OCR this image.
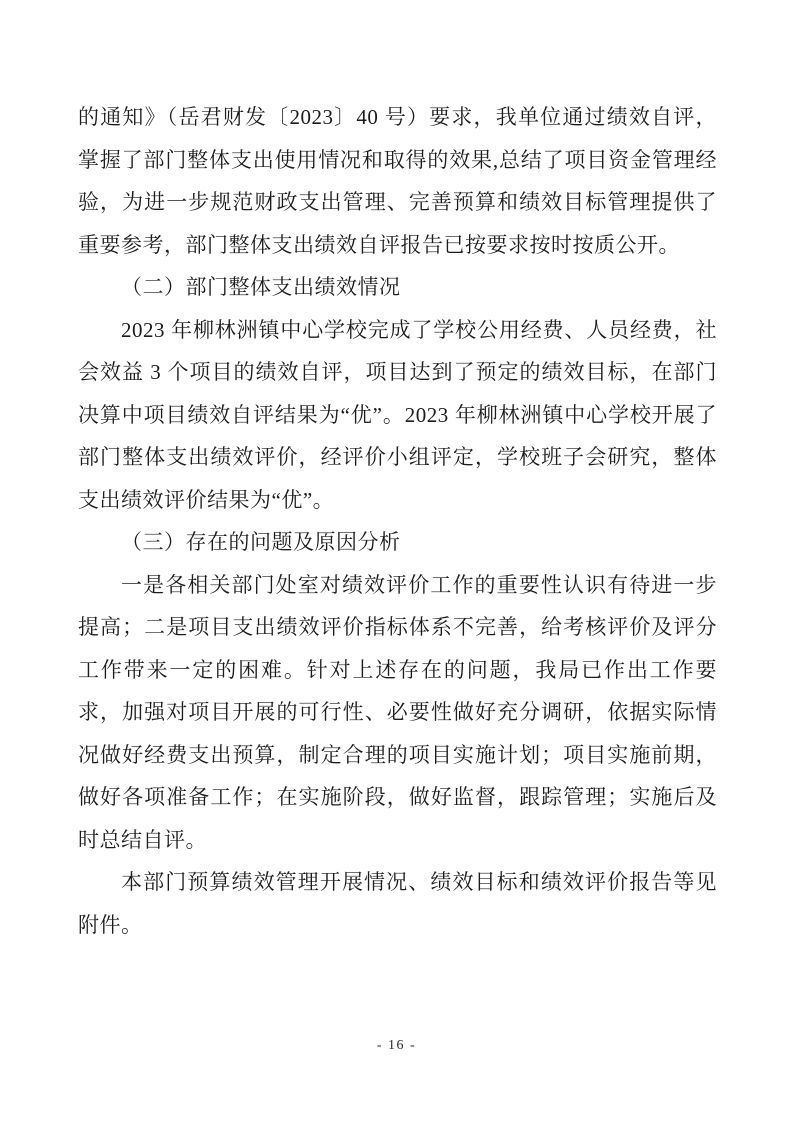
的通知》（岳君财发〔2023〕40 号）要求，我单位通过绩效自评，掌握了部门整体支出使用情况和取得的效果,总结了项目资金管理经验，为进一步规范财政支出管理、完善预算和绩效目标管理提供了重要参考，部门整体支出绩效自评报告已按要求按时按质公开。

（二）部门整体支出绩效情况

2023 年柳林洲镇中心学校完成了学校公用经费、人员经费，社会效益 3 个项目的绩效自评，项目达到了预定的绩效目标，在部门决算中项目绩效自评结果为“优”。2023 年柳林洲镇中心学校开展了部门整体支出绩效评价，经评价小组评定，学校班子会研究，整体支出绩效评价结果为“优”。

（三）存在的问题及原因分析

一是各相关部门处室对绩效评价工作的重要性认识有待进一步提高；二是项目支出绩效评价指标体系不完善，给考核评价及评分工作带来一定的困难。针对上述存在的问题，我局已作出工作要求，加强对项目开展的可行性、必要性做好充分调研，依据实际情况做好经费支出预算，制定合理的项目实施计划；项目实施前期，做好各项准备工作；在实施阶段，做好监督，跟踪管理；实施后及时总结自评。

本部门预算绩效管理开展情况、绩效目标和绩效评价报告等见附件。

- 16 -
